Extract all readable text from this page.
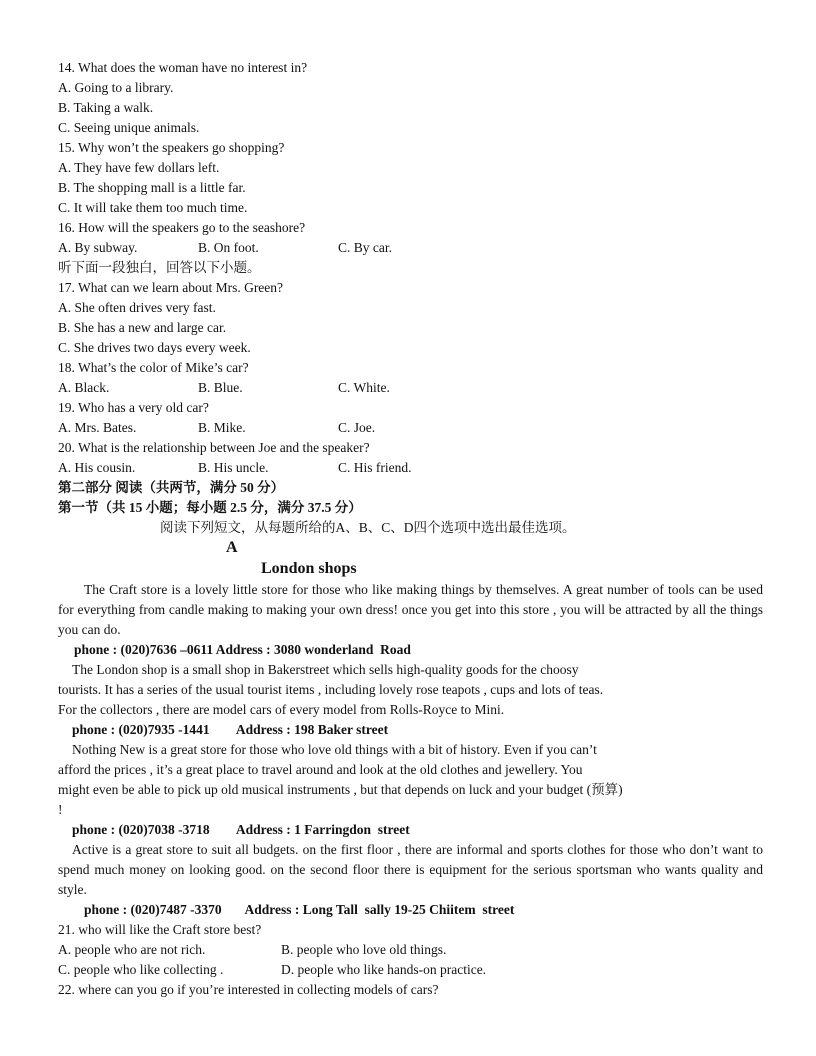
14. What does the woman have no interest in?
A. Going to a library.
B. Taking a walk.
C. Seeing unique animals.
15. Why won’t the speakers go shopping?
A. They have few dollars left.
B. The shopping mall is a little far.
C. It will take them too much time.
16. How will the speakers go to the seashore?
A. By subway.	B. On foot.	C. By car.
听下面一段独白，回答以下小题。
17. What can we learn about Mrs. Green?
A. She often drives very fast.
B. She has a new and large car.
C. She drives two days every week.
18. What’s the color of Mike’s car?
A. Black.	B. Blue.	C. White.
19. Who has a very old car?
A. Mrs. Bates.	B. Mike.	C. Joe.
20. What is the relationship between Joe and the speaker?
A. His cousin.	B. His uncle.	C. His friend.
第二部分 阅读（共两节，满分 50 分）
第一节（共 15 小题；每小题 2.5 分，满分 37.5 分）
阅读下列短文，从每题所给的A、B、C、D四个选项中选出最佳选项。
A
London shops
The Craft store is a lovely little store for those who like making things by themselves. A great number of tools can be used for everything from candle making to making your own dress! once you get into this store , you will be attracted by all the things you can do.
phone : (020)7636 –0611 Address : 3080 wonderland  Road
The London shop is a small shop in Bakerstreet which sells high-quality goods for the choosy
tourists. It has a series of the usual tourist items , including lovely rose teapots , cups and lots of teas.
For the collectors , there are model cars of every model from Rolls-Royce to Mini.
phone : (020)7935 -1441        Address : 198 Baker street
Nothing New is a great store for those who love old things with a bit of history. Even if you can’t
afford the prices , it’s a great place to travel around and look at the old clothes and jewellery. You
might even be able to pick up old musical instruments , but that depends on luck and your budget (预算)
!
phone : (020)7038 -3718        Address : 1 Farringdon  street
Active is a great store to suit all budgets. on the first floor , there are informal and sports clothes for those who don’t want to spend much money on looking good. on the second floor there is equipment for the serious sportsman who wants quality and style.
phone : (020)7487 -3370       Address : Long Tall  sally 19-25 Chiitem  street
21. who will like the Craft store best?
A. people who are not rich.	B. people who love old things.
C. people who like collecting .	D. people who like hands-on practice.
22. where can you go if you’re interested in collecting models of cars?
